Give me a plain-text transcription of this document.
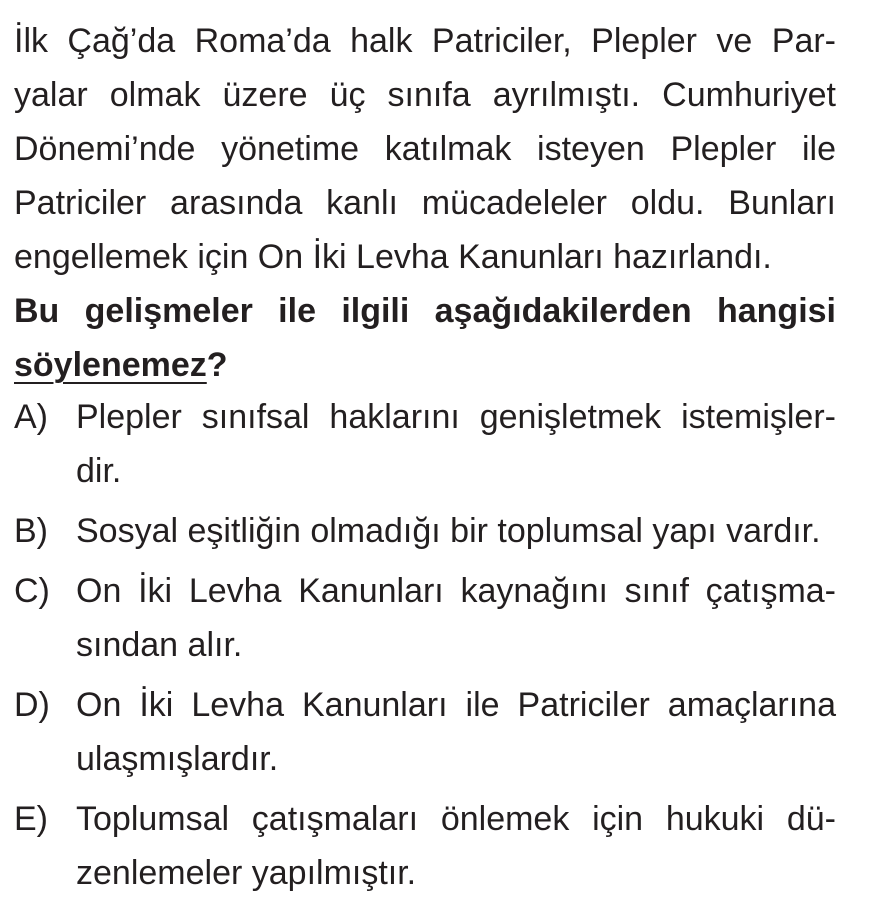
İlk Çağ’da Roma’da halk Patriciler, Plepler ve Par-
yalar olmak üzere üç sınıfa ayrılmıştı. Cumhuriyet
Dönemi’nde yönetime katılmak isteyen Plepler ile
Patriciler arasında kanlı mücadeleler oldu. Bunları
engellemek için On İki Levha Kanunları hazırlandı.
Bu gelişmeler ile ilgili aşağıdakilerden hangisi
söylenemez?
A) Plepler sınıfsal haklarını genişletmek istemişler-
dir.
B) Sosyal eşitliğin olmadığı bir toplumsal yapı vardır.
C) On İki Levha Kanunları kaynağını sınıf çatışma-
sından alır.
D) On İki Levha Kanunları ile Patriciler amaçlarına
ulaşmışlardır.
E) Toplumsal çatışmaları önlemek için hukuki dü-
zenlemeler yapılmıştır.
